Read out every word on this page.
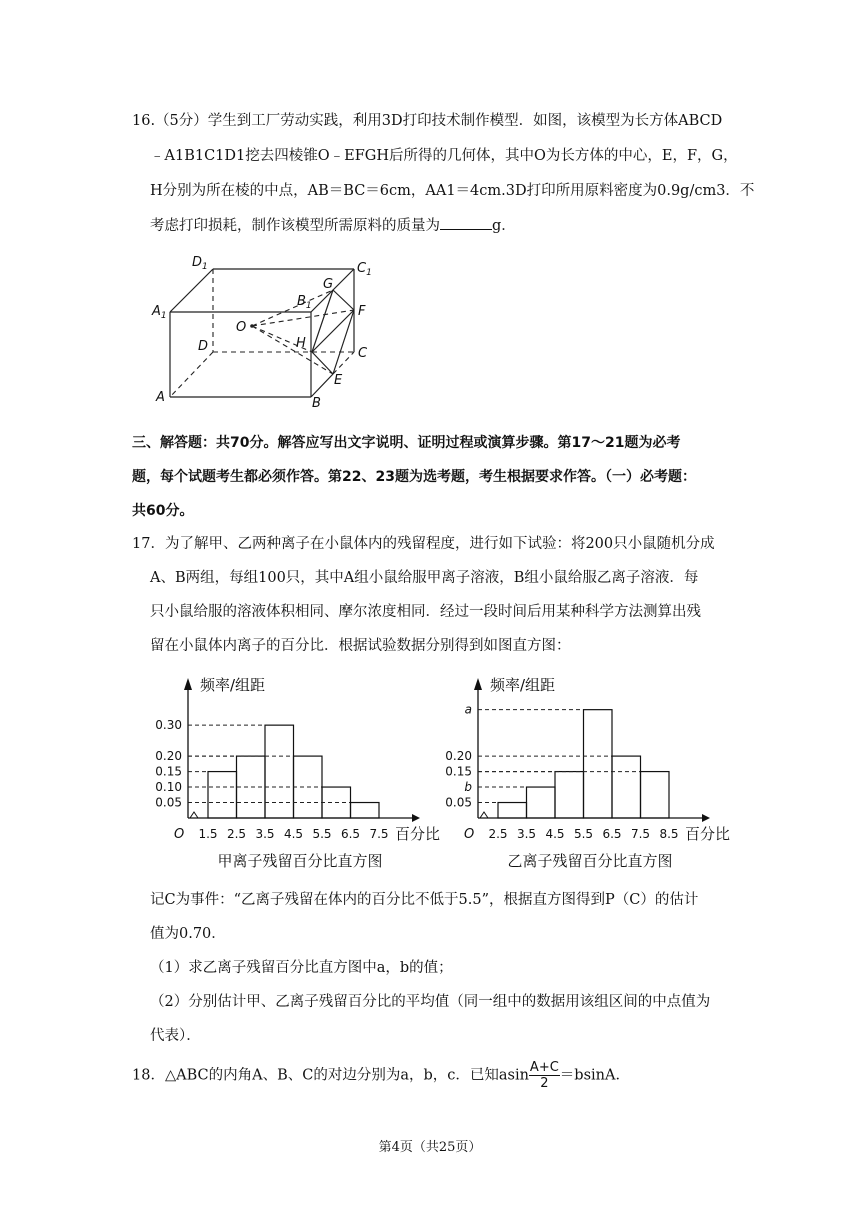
16.（5分）学生到工厂劳动实践，利用3D打印技术制作模型．如图，该模型为长方体ABCD
﹣A1B1C1D1挖去四棱锥O﹣EFGH后所得的几何体，其中O为长方体的中心，E，F，G，
H分别为所在棱的中点，AB＝BC＝6cm，AA1＝4cm.3D打印所用原料密度为0.9g/cm3．不
考虑打印损耗，制作该模型所需原料的质量为	g．
$D_1$	$C_1$
$A_1$
$B_1$
D
O
G
F
H
C
E
A	B
三、解答题：共70分。解答应写出文字说明、证明过程或演算步骤。第17～21题为必考
题，每个试题考生都必须作答。第22、23题为选考题，考生根据要求作答。（一）必考题：
共60分。
17．为了解甲、乙两种离子在小鼠体内的残留程度，进行如下试验：将200只小鼠随机分成
A、B两组，每组100只，其中A组小鼠给服甲离子溶液，B组小鼠给服乙离子溶液．每
只小鼠给服的溶液体积相同、摩尔浓度相同．经过一段时间后用某种科学方法测算出残
留在小鼠体内离子的百分比．根据试验数据分别得到如图直方图：
频率/组距
O
0.30
0.20
0.15
0.10
0.05
1.5 2.5 3.5 4.5 5.5 6.5 7.5 百分比
甲离子残留百分比直方图
频率/组距
O
a
0.20
0.15
b
0.05
2.5 3.5 4.5 5.5 6.5 7.5 8.5 百分比
乙离子残留百分比直方图
记C为事件：“乙离子残留在体内的百分比不低于5.5”，根据直方图得到P（C）的估计
值为0.70．
（1）求乙离子残留百分比直方图中a，b的值；
（2）分别估计甲、乙离子残留百分比的平均值（同一组中的数据用该组区间的中点值为
代表）．
18．△ABC的内角A、B、C的对边分别为a，b，c．已知asin $\frac{A+C}{2} =bsinA$．
第4页（共25页）
